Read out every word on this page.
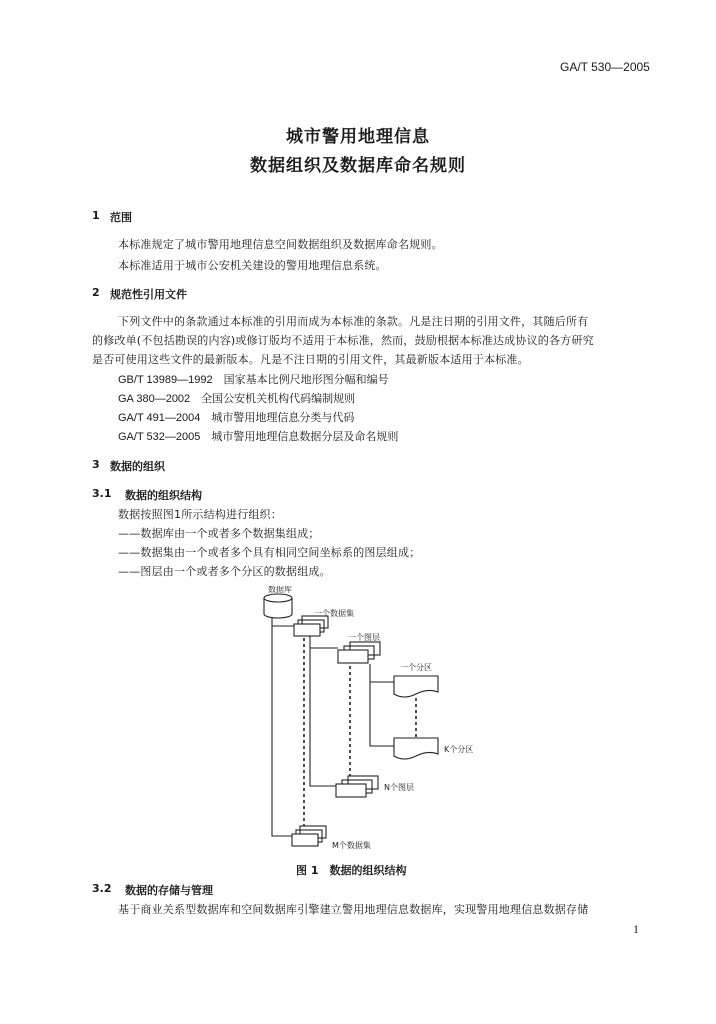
GA/T 530—2005
城市警用地理信息
数据组织及数据库命名规则
1 范围
本标准规定了城市警用地理信息空间数据组织及数据库命名规则。
本标准适用于城市公安机关建设的警用地理信息系统。
2 规范性引用文件
下列文件中的条款通过本标准的引用而成为本标准的条款。凡是注日期的引用文件，其随后所有
的修改单(不包括勘误的内容)或修订版均不适用于本标准，然而，鼓励根据本标准达成协议的各方研究
是否可使用这些文件的最新版本。凡是不注日期的引用文件，其最新版本适用于本标准。
GB/T 13989—1992　国家基本比例尺地形图分幅和编号
GA 380—2002　全国公安机关机构代码编制规则
GA/T 491—2004　城市警用地理信息分类与代码
GA/T 532—2005　城市警用地理信息数据分层及命名规则
3 数据的组织
3.1 数据的组织结构
数据按照图1所示结构进行组织：
——数据库由一个或者多个数据集组成；
——数据集由一个或者多个具有相同空间坐标系的图层组成；
——图层由一个或者多个分区的数据组成。
数据库
一个数据集
一个图层
一个分区
K个分区
N个图层
M个数据集
图 1　数据的组织结构
3.2 数据的存储与管理
基于商业关系型数据库和空间数据库引擎建立警用地理信息数据库，实现警用地理信息数据存储
1
